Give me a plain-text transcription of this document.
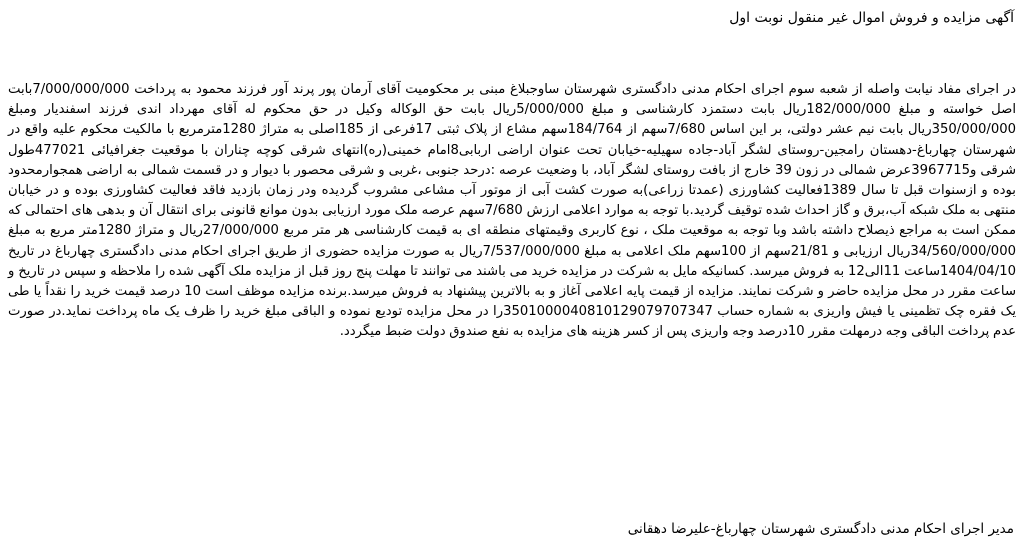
آگهی مزایده و فروش اموال غیر منقول نوبت اول

در اجرای مفاد نیابت واصله از شعبه سوم اجرای احکام مدنی دادگستری شهرستان ساوجبلاغ مبنی بر محکومیت آقای آرمان پور پرند آور فرزند محمود به پرداخت 7/000/000/000بابت اصل خواسته و مبلغ 182/000/000ریال بابت دستمزد کارشناسی و مبلغ 5/000/000ریال بابت حق الوکاله وکیل در حق محکوم له آقای مهرداد اندی فرزند اسفندیار ومبلغ 350/000/000ریال بابت نیم عشر دولتی، بر این اساس 7/680سهم از 184/764سهم مشاع از پلاک ثبتی 17فرعی از 185اصلی به متراژ 1280مترمربع با مالکیت محکوم علیه واقع در شهرستان چهارباغ-دهستان رامجین-روستای لشگر آباد-جاده سهیلیه-خیابان تحت عنوان اراضی اربابی8امام خمینی(ره)انتهای شرقی کوچه چناران با موقعیت جغرافیائی 477021طول شرقی و3967715عرض شمالی در زون 39 خارج از بافت روستای لشگر آباد، با وضعیت عرصه :درحد جنوبی ،غربی و شرقی محصور با دیوار و در قسمت شمالی به اراضی همجوارمحدود بوده و ازسنوات قبل تا سال 1389فعالیت کشاورزی (عمدتا زراعی)به صورت کشت آبی از موتور آب مشاعی مشروب گردیده ودر زمان بازدید فاقد فعالیت کشاورزی بوده و در خیابان منتهی به ملک شبکه آب،برق و گاز احداث شده توقیف گردید.با توجه به موارد اعلامی ارزش 7/680سهم عرصه ملک مورد ارزیابی بدون موانع قانونی برای انتقال آن و بدهی های احتمالی که ممکن است به مراجع ذیصلاح داشته باشد وبا توجه به موقعیت ملک ، نوع کاربری وقیمتهای منطقه ای به قیمت کارشناسی هر متر مربع 27/000/000ریال و متراژ 1280متر مربع به مبلغ 34/560/000/000ریال ارزیابی و 21/81سهم از 100سهم ملک اعلامی به مبلغ 7/537/000/000ریال به صورت مزایده حضوری از طریق اجرای احکام مدنی دادگستری چهارباغ در تاریخ 1404/04/10ساعت 11الی12 به فروش میرسد. کسانیکه مایل به شرکت در مزایده خرید می باشند می توانند تا مهلت پنج روز قبل از مزایده ملک آگهی شده را ملاحظه و سپس در تاریخ و ساعت مقرر در محل مزایده حاضر و شرکت نمایند. مزایده از قیمت پایه اعلامی آغاز و به بالاترین پیشنهاد به فروش میرسد.برنده مزایده موظف است 10 درصد قیمت خرید را نقداً یا طی یک فقره چک تظمینی یا فیش واریزی به شماره حساب 3501000040810129079707347را در محل مزایده تودیع نموده و الباقی مبلغ خرید را ظرف یک ماه پرداخت نماید.در صورت عدم پرداخت الباقی وجه درمهلت مقرر 10درصد وجه واریزی پس از کسر هزینه های مزایده به نفع صندوق دولت ضبط میگردد.

مدیر اجرای احکام مدنی دادگستری شهرستان چهارباغ-علیرضا دهقانی
